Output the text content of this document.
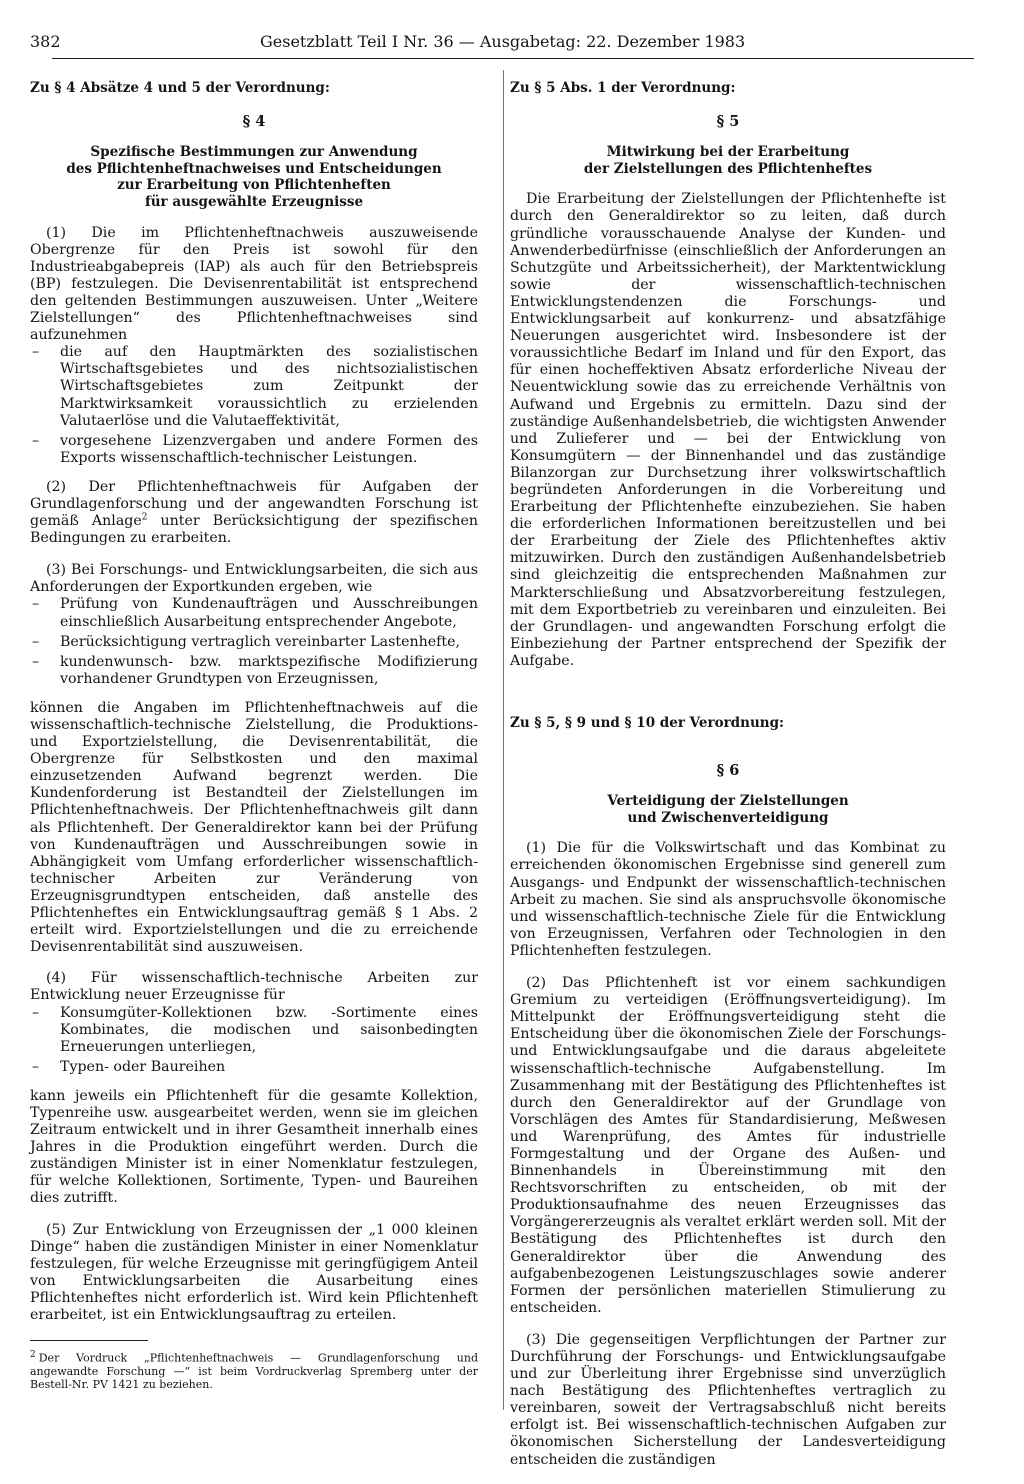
382	Gesetzblatt Teil I Nr. 36 — Ausgabetag: 22. Dezember 1983

Zu § 4 Absätze 4 und 5 der Verordnung:

§ 4

Spezifische Bestimmungen zur Anwendung
des Pflichtenheftnachweises und Entscheidungen
zur Erarbeitung von Pflichtenheften
für ausgewählte Erzeugnisse

(1) Die im Pflichtenheftnachweis auszuweisende Obergrenze für den Preis ist sowohl für den Industrieabgabepreis (IAP) als auch für den Betriebspreis (BP) festzulegen. Die Devisenrentabilität ist entsprechend den geltenden Bestimmungen auszuweisen. Unter „Weitere Zielstellungen“ des Pflichtenheftnachweises sind aufzunehmen

– die auf den Hauptmärkten des sozialistischen Wirtschaftsgebietes und des nichtsozialistischen Wirtschaftsgebietes zum Zeitpunkt der Marktwirksamkeit voraussichtlich zu erzielenden Valutaerlöse und die Valutaeffektivität,
– vorgesehene Lizenzvergaben und andere Formen des Exports wissenschaftlich-technischer Leistungen.

(2) Der Pflichtenheftnachweis für Aufgaben der Grundlagenforschung und der angewandten Forschung ist gemäß Anlage$^2$ unter Berücksichtigung der spezifischen Bedingungen zu erarbeiten.

(3) Bei Forschungs- und Entwicklungsarbeiten, die sich aus Anforderungen der Exportkunden ergeben, wie

– Prüfung von Kundenaufträgen und Ausschreibungen einschließlich Ausarbeitung entsprechender Angebote,
– Berücksichtigung vertraglich vereinbarter Lastenhefte,
– kundenwunsch- bzw. marktspezifische Modifizierung vorhandener Grundtypen von Erzeugnissen,

können die Angaben im Pflichtenheftnachweis auf die wissenschaftlich-technische Zielstellung, die Produktions- und Exportzielstellung, die Devisenrentabilität, die Obergrenze für Selbstkosten und den maximal einzusetzenden Aufwand begrenzt werden. Die Kundenforderung ist Bestandteil der Zielstellungen im Pflichtenheftnachweis. Der Pflichtenheftnachweis gilt dann als Pflichtenheft. Der Generaldirektor kann bei der Prüfung von Kundenaufträgen und Ausschreibungen sowie in Abhängigkeit vom Umfang erforderlicher wissenschaftlich-technischer Arbeiten zur Veränderung von Erzeugnisgrundtypen entscheiden, daß anstelle des Pflichtenheftes ein Entwicklungsauftrag gemäß § 1 Abs. 2 erteilt wird. Exportzielstellungen und die zu erreichende Devisenrentabilität sind auszuweisen.

(4) Für wissenschaftlich-technische Arbeiten zur Entwicklung neuer Erzeugnisse für

– Konsumgüter-Kollektionen bzw. -Sortimente eines Kombinates, die modischen und saisonbedingten Erneuerungen unterliegen,
– Typen- oder Baureihen

kann jeweils ein Pflichtenheft für die gesamte Kollektion, Typenreihe usw. ausgearbeitet werden, wenn sie im gleichen Zeitraum entwickelt und in ihrer Gesamtheit innerhalb eines Jahres in die Produktion eingeführt werden. Durch die zuständigen Minister ist in einer Nomenklatur festzulegen, für welche Kollektionen, Sortimente, Typen- und Baureihen dies zutrifft.

(5) Zur Entwicklung von Erzeugnissen der „1 000 kleinen Dinge“ haben die zuständigen Minister in einer Nomenklatur festzulegen, für welche Erzeugnisse mit geringfügigem Anteil von Entwicklungsarbeiten die Ausarbeitung eines Pflichtenheftes nicht erforderlich ist. Wird kein Pflichtenheft erarbeitet, ist ein Entwicklungsauftrag zu erteilen.

$^2$ Der Vordruck „Pflichtenheftnachweis — Grundlagenforschung und angewandte Forschung —“ ist beim Vordruckverlag Spremberg unter der Bestell-Nr. PV 1421 zu beziehen.

Zu § 5 Abs. 1 der Verordnung:

§ 5

Mitwirkung bei der Erarbeitung
der Zielstellungen des Pflichtenheftes

Die Erarbeitung der Zielstellungen der Pflichtenhefte ist durch den Generaldirektor so zu leiten, daß durch gründliche vorausschauende Analyse der Kunden- und Anwenderbedürfnisse (einschließlich der Anforderungen an Schutzgüte und Arbeitssicherheit), der Marktentwicklung sowie der wissenschaftlich-technischen Entwicklungstendenzen die Forschungs- und Entwicklungsarbeit auf konkurrenz- und absatzfähige Neuerungen ausgerichtet wird. Insbesondere ist der voraussichtliche Bedarf im Inland und für den Export, das für einen hocheffektiven Absatz erforderliche Niveau der Neuentwicklung sowie das zu erreichende Verhältnis von Aufwand und Ergebnis zu ermitteln. Dazu sind der zuständige Außenhandelsbetrieb, die wichtigsten Anwender und Zulieferer und — bei der Entwicklung von Konsumgütern — der Binnenhandel und das zuständige Bilanzorgan zur Durchsetzung ihrer volkswirtschaftlich begründeten Anforderungen in die Vorbereitung und Erarbeitung der Pflichtenhefte einzubeziehen. Sie haben die erforderlichen Informationen bereitzustellen und bei der Erarbeitung der Ziele des Pflichtenheftes aktiv mitzuwirken. Durch den zuständigen Außenhandelsbetrieb sind gleichzeitig die entsprechenden Maßnahmen zur Markterschließung und Absatzvorbereitung festzulegen, mit dem Exportbetrieb zu vereinbaren und einzuleiten. Bei der Grundlagen- und angewandten Forschung erfolgt die Einbeziehung der Partner entsprechend der Spezifik der Aufgabe.

Zu § 5, § 9 und § 10 der Verordnung:

§ 6

Verteidigung der Zielstellungen
und Zwischenverteidigung

(1) Die für die Volkswirtschaft und das Kombinat zu erreichenden ökonomischen Ergebnisse sind generell zum Ausgangs- und Endpunkt der wissenschaftlich-technischen Arbeit zu machen. Sie sind als anspruchsvolle ökonomische und wissenschaftlich-technische Ziele für die Entwicklung von Erzeugnissen, Verfahren oder Technologien in den Pflichtenheften festzulegen.

(2) Das Pflichtenheft ist vor einem sachkundigen Gremium zu verteidigen (Eröffnungsverteidigung). Im Mittelpunkt der Eröffnungsverteidigung steht die Entscheidung über die ökonomischen Ziele der Forschungs- und Entwicklungsaufgabe und die daraus abgeleitete wissenschaftlich-technische Aufgabenstellung. Im Zusammenhang mit der Bestätigung des Pflichtenheftes ist durch den Generaldirektor auf der Grundlage von Vorschlägen des Amtes für Standardisierung, Meßwesen und Warenprüfung, des Amtes für industrielle Formgestaltung und der Organe des Außen- und Binnenhandels in Übereinstimmung mit den Rechtsvorschriften zu entscheiden, ob mit der Produktionsaufnahme des neuen Erzeugnisses das Vorgängererzeugnis als veraltet erklärt werden soll. Mit der Bestätigung des Pflichtenheftes ist durch den Generaldirektor über die Anwendung des aufgabenbezogenen Leistungszuschlages sowie anderer Formen der persönlichen materiellen Stimulierung zu entscheiden.

(3) Die gegenseitigen Verpflichtungen der Partner zur Durchführung der Forschungs- und Entwicklungsaufgabe und zur Überleitung ihrer Ergebnisse sind unverzüglich nach Bestätigung des Pflichtenheftes vertraglich zu vereinbaren, soweit der Vertragsabschluß nicht bereits erfolgt ist. Bei wissenschaftlich-technischen Aufgaben zur ökonomischen Sicherstellung der Landesverteidigung entscheiden die zuständigen
